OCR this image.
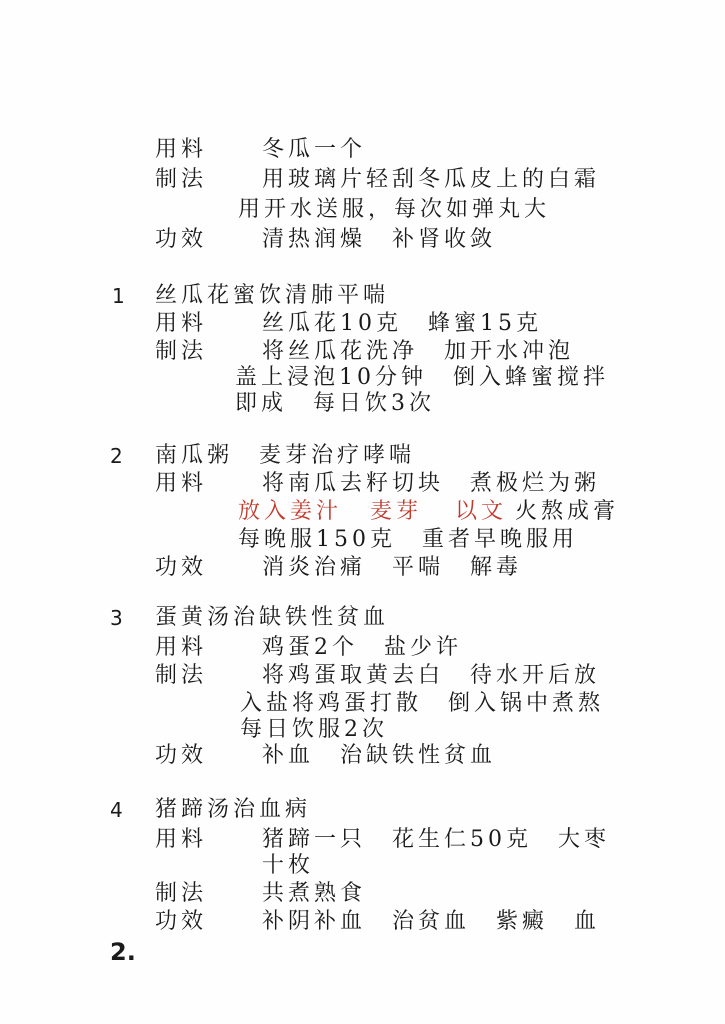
用料 冬瓜一个
制法 用玻璃片轻刮冬瓜皮上的白霜
用开水送服，每次如弹丸大
功效 清热润燥　补肾收敛
1 丝瓜花蜜饮清肺平喘
用料 丝瓜花10克　蜂蜜15克
制法 将丝瓜花洗净　加开水冲泡
盖上浸泡10分钟　倒入蜂蜜搅拌
即成　每日饮3次
2 南瓜粥　麦芽治疗哮喘
用料 将南瓜去籽切块　煮极烂为粥
放入姜汁 麦芽 以文 火熬成膏
每晚服150克　重者早晚服用
功效 消炎治痛　平喘　解毒
3 蛋黄汤治缺铁性贫血
用料 鸡蛋2个　盐少许
制法 将鸡蛋取黄去白　待水开后放
入盐将鸡蛋打散　倒入锅中煮熬
每日饮服2次
功效 补血　治缺铁性贫血
4 猪蹄汤治血病
用料 猪蹄一只　花生仁50克　大枣
十枚
制法 共煮熟食
功效 补阴补血　治贫血　紫癜　血
2.
